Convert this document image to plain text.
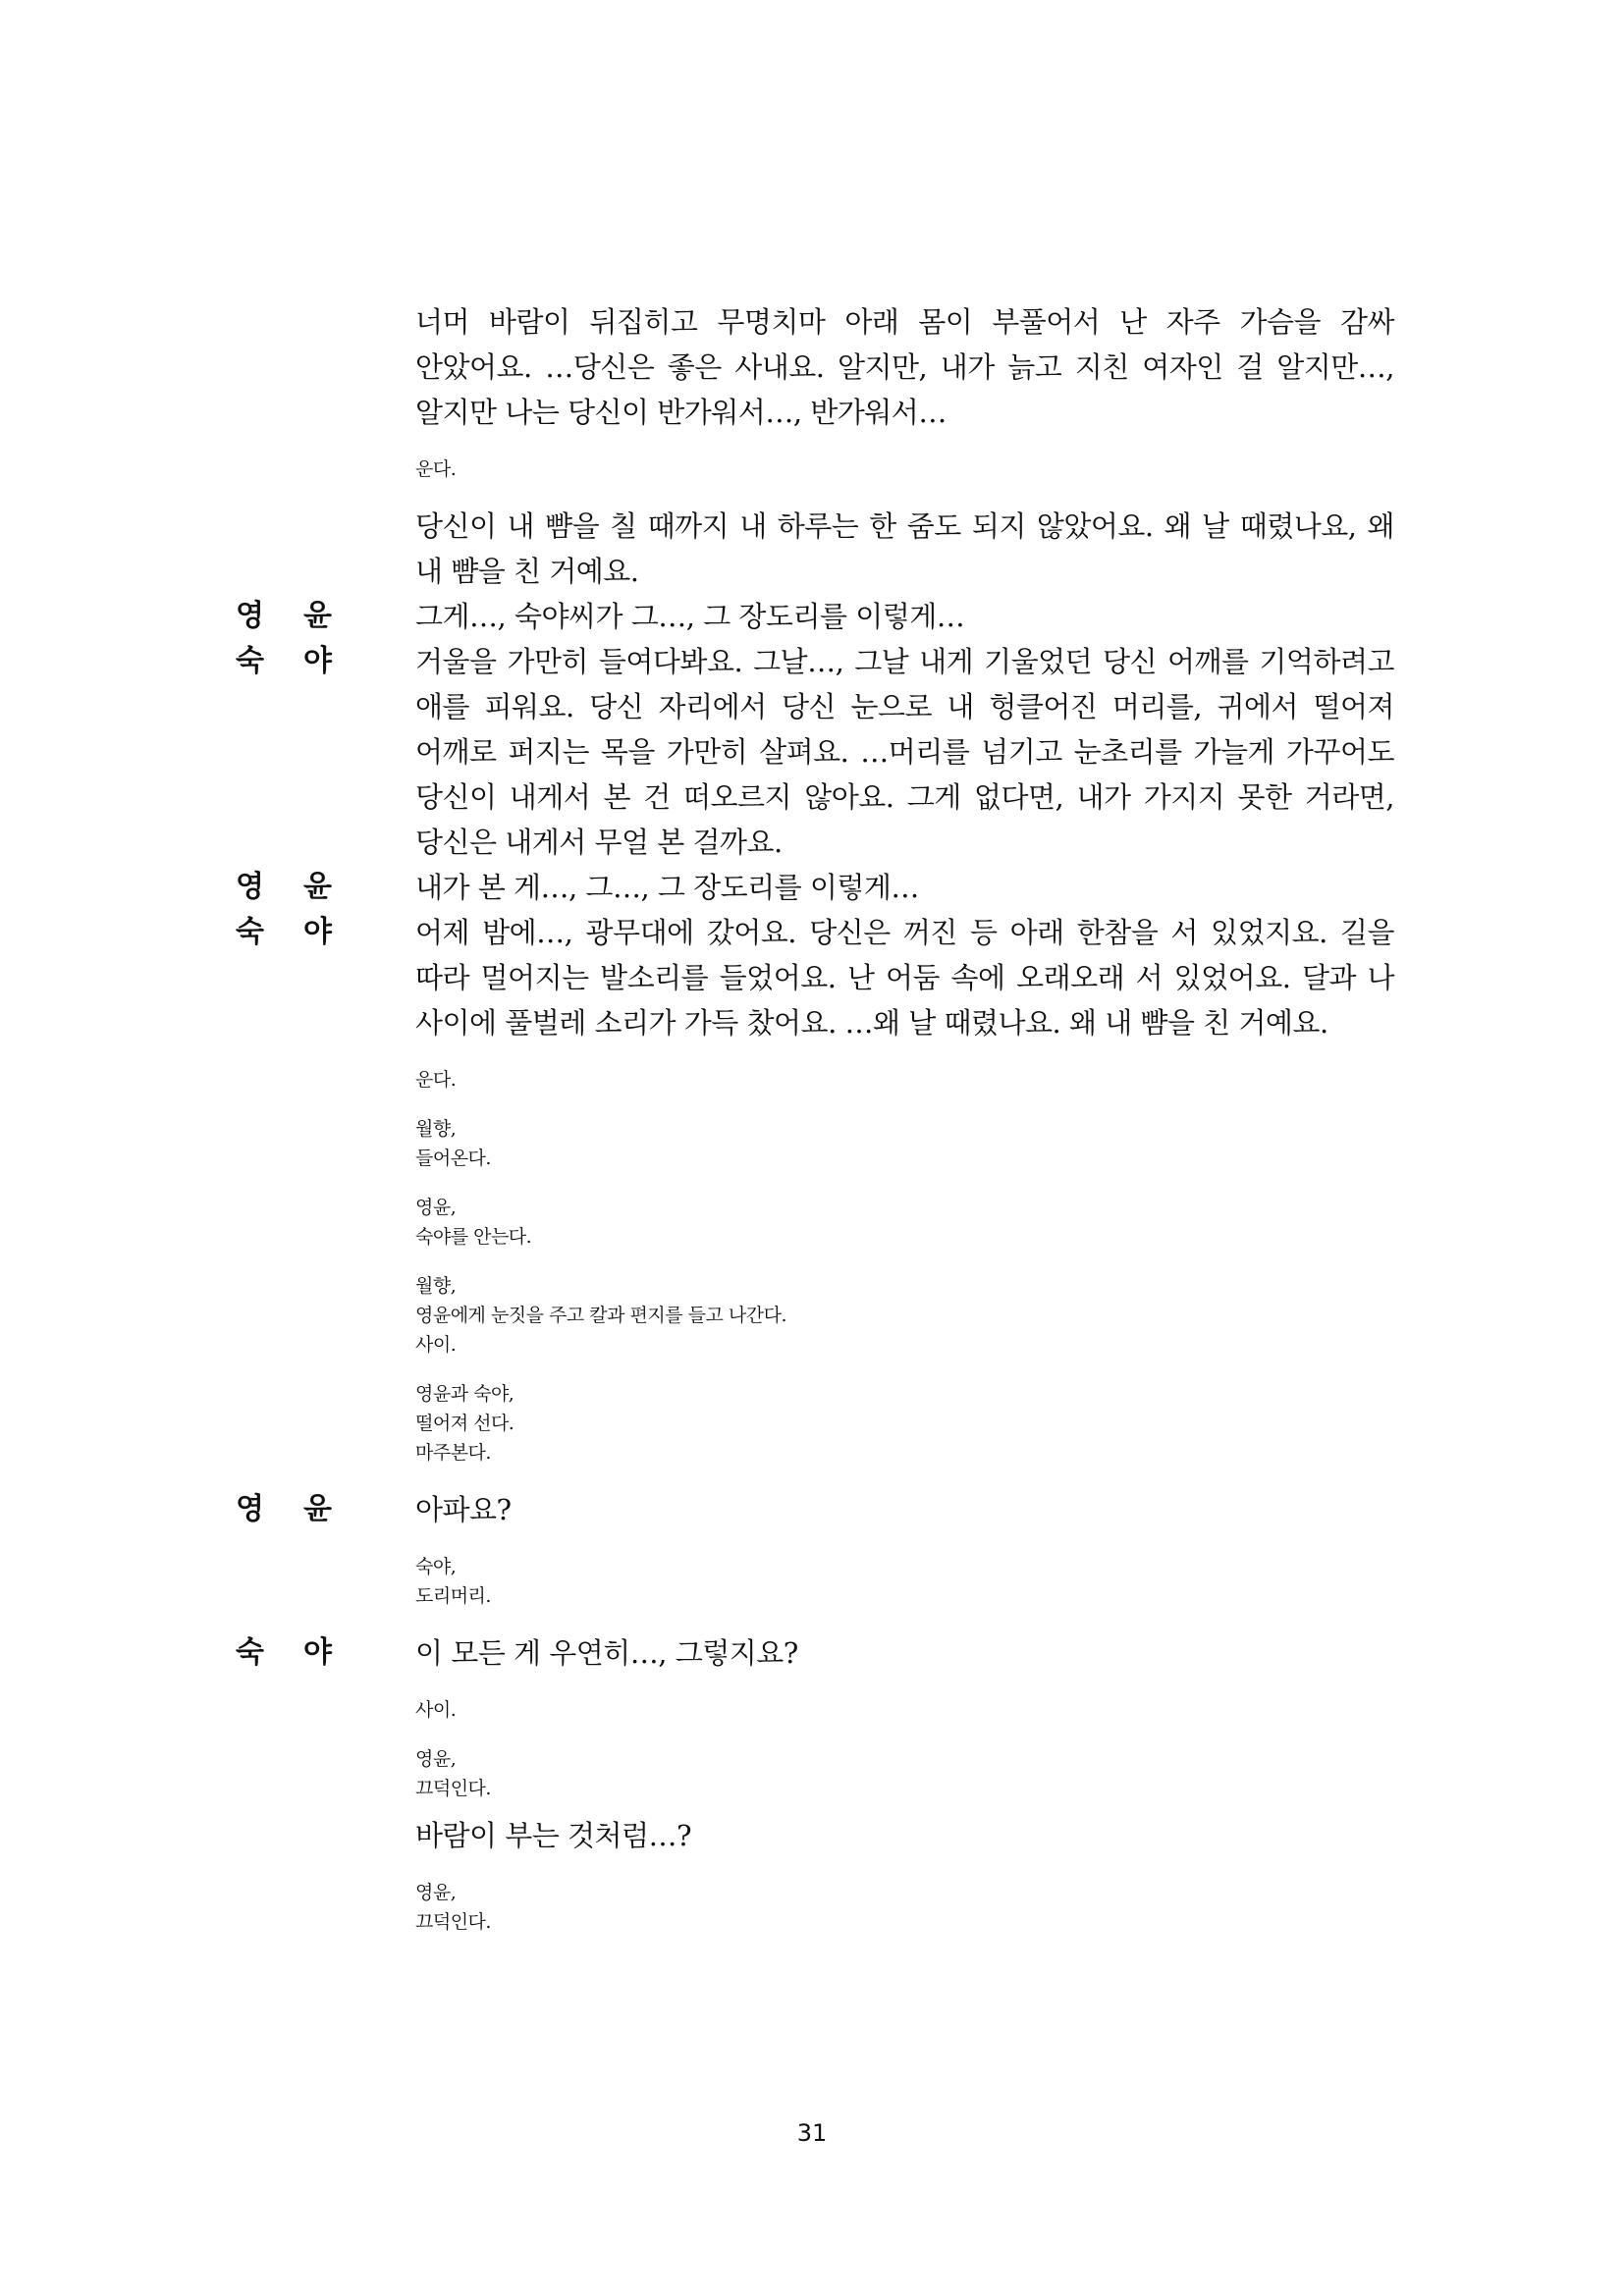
너머 바람이 뒤집히고 무명치마 아래 몸이 부풀어서 난 자주 가슴을 감싸 안았어요. …당신은 좋은 사내요. 알지만, 내가 늙고 지친 여자인 걸 알지만…, 알지만 나는 당신이 반가워서…, 반가워서…
운다.
당신이 내 뺨을 칠 때까지 내 하루는 한 줌도 되지 않았어요. 왜 날 때렸나요, 왜 내 뺨을 친 거예요.
영 윤	그게…, 숙야씨가 그…, 그 장도리를 이렇게…
숙 야	거울을 가만히 들여다봐요. 그날…, 그날 내게 기울었던 당신 어깨를 기억하려고 애를 피워요. 당신 자리에서 당신 눈으로 내 헝클어진 머리를, 귀에서 떨어져 어깨로 퍼지는 목을 가만히 살펴요. …머리를 넘기고 눈초리를 가늘게 가꾸어도 당신이 내게서 본 건 떠오르지 않아요. 그게 없다면, 내가 가지지 못한 거라면, 당신은 내게서 무얼 본 걸까요.
영 윤	내가 본 게…, 그…, 그 장도리를 이렇게…
숙 야	어제 밤에…, 광무대에 갔어요. 당신은 꺼진 등 아래 한참을 서 있었지요. 길을 따라 멀어지는 발소리를 들었어요. 난 어둠 속에 오래오래 서 있었어요. 달과 나 사이에 풀벌레 소리가 가득 찼어요. …왜 날 때렸나요. 왜 내 뺨을 친 거예요.
운다.
월향,
들어온다.
영윤,
숙야를 안는다.
월향,
영윤에게 눈짓을 주고 칼과 편지를 들고 나간다.
사이.
영윤과 숙야,
떨어져 선다.
마주본다.
영 윤	아파요?
숙야,
도리머리.
숙 야	이 모든 게 우연히…, 그렇지요?
사이.
영윤,
끄덕인다.
바람이 부는 것처럼…?
영윤,
끄덕인다.
31
